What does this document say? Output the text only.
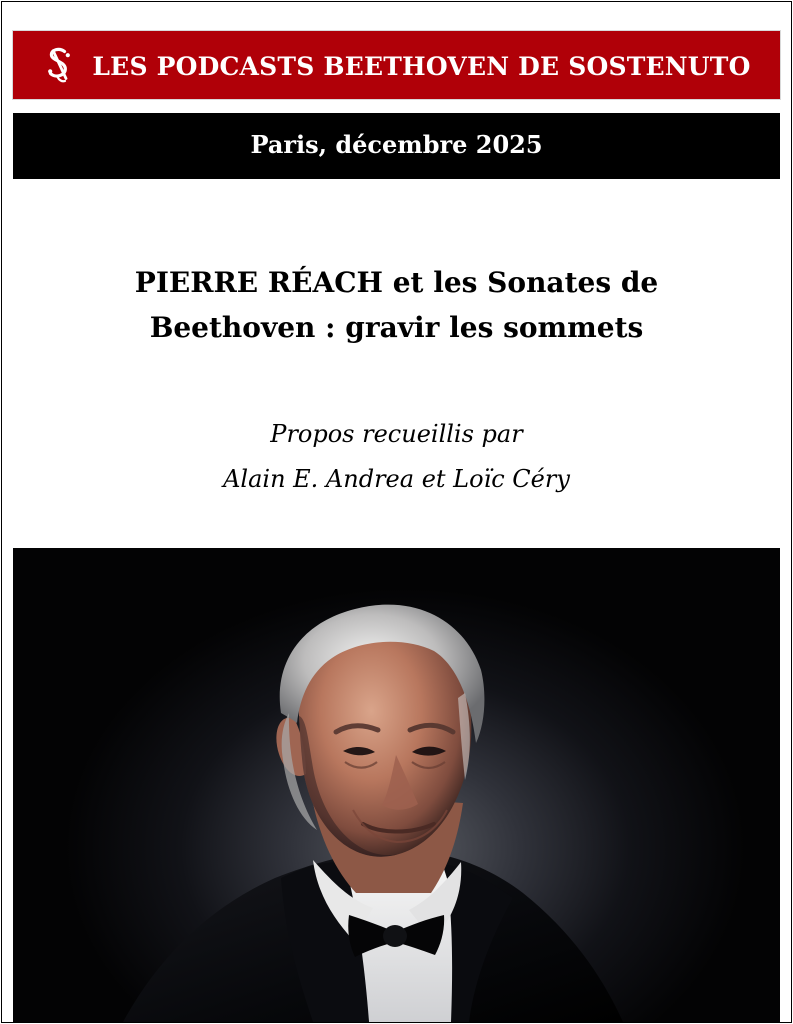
LES PODCASTS BEETHOVEN DE SOSTENUTO
Paris, décembre 2025
PIERRE RÉACH et les Sonates de
Beethoven : gravir les sommets
Propos recueillis par
Alain E. Andrea et Loïc Céry
